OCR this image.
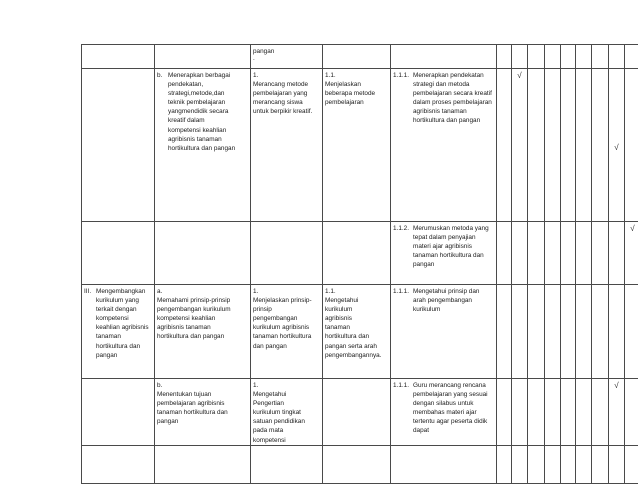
		pangan
.											

	b. Menerapkan berbagai pendekatan, strategi,metode,dan teknik pembelajaran yangmendidik secara kreatif dalam kompetensi keahlian agribisnis tanaman hortikultura dan pangan	1.Merancang metode pembelajaran yang merancang siswa untuk berpikir kreatif.	1.1.Menjelaskan beberapa metode pembelajaran	1.1.1. Menerapkan pendekatan strategi dan metoda pembelajaran secara kreatif dalam proses pembelajaran agribisnis tanaman hortikultura dan pangan		√						√	

				1.1.2. Merumuskan metoda yang tepat dalam penyajian materi ajar agribisnis tanaman hortikultura dan pangan									√

III. Mengembangkan kurikulum yang terkait dengan kompetensi keahlian agribisnis tanaman hortikultura dan pangan	a.Memahami prinsip-prinsip pengembangan kurikulum kompetensi keahlian agribisnis tanaman hortikultura dan pangan	1.Menjelaskan prinsip-prinsip pengembangan kurikulum agribisnis tanaman hortikultura dan pangan	1.1.Mengetahui kurikulum agribisnis tanaman hortikultura dan pangan serta arah pengembangannya.	1.1.1. Mengetahui prinsip dan arah pengembangan kurikulum									
	b.Menentukan tujuan pembelajaran agribisnis tanaman hortikultura dan pangan	1.Mengetahui Pengertian kurikulum tingkat satuan pendidikan pada mata kompetensi		1.1.1. Guru merancang rencana pembelajaran yang sesuai dengan silabus untuk membahas materi ajar tertentu agar peserta didik dapat								√	
